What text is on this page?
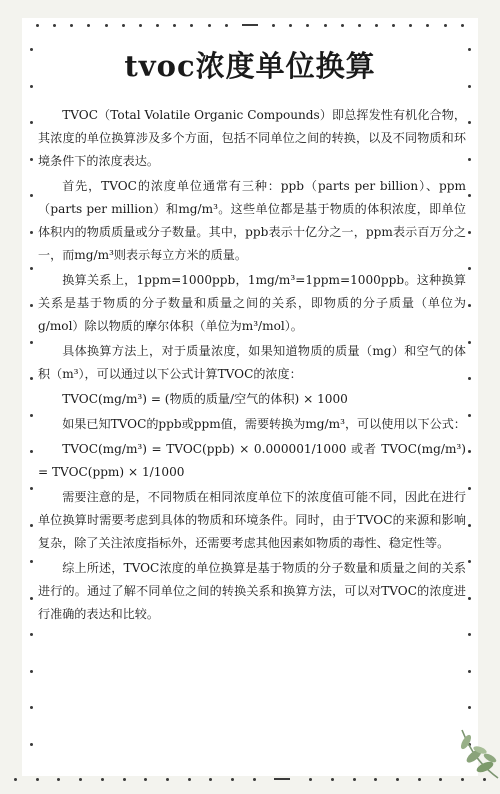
tvoc浓度单位换算

TVOC（Total Volatile Organic Compounds）即总挥发性有机化合物，其浓度的单位换算涉及多个方面，包括不同单位之间的转换，以及不同物质和环境条件下的浓度表达。

首先，TVOC的浓度单位通常有三种：ppb（parts per billion）、ppm（parts per million）和mg/m³。这些单位都是基于物质的体积浓度，即单位体积内的物质质量或分子数量。其中，ppb表示十亿分之一，ppm表示百万分之一，而mg/m³则表示每立方米的质量。

换算关系上，1ppm=1000ppb，1mg/m³=1ppm=1000ppb。这种换算关系是基于物质的分子数量和质量之间的关系，即物质的分子质量（单位为g/mol）除以物质的摩尔体积（单位为m³/mol）。

具体换算方法上，对于质量浓度，如果知道物质的质量（mg）和空气的体积（m³），可以通过以下公式计算TVOC的浓度：

TVOC(mg/m³) = (物质的质量/空气的体积) × 1000

如果已知TVOC的ppb或ppm值，需要转换为mg/m³，可以使用以下公式：

TVOC(mg/m³) = TVOC(ppb) × 0.000001/1000 或者 TVOC(mg/m³) = TVOC(ppm) × 1/1000

需要注意的是，不同物质在相同浓度单位下的浓度值可能不同，因此在进行单位换算时需要考虑到具体的物质和环境条件。同时，由于TVOC的来源和影响复杂，除了关注浓度指标外，还需要考虑其他因素如物质的毒性、稳定性等。

综上所述，TVOC浓度的单位换算是基于物质的分子数量和质量之间的关系进行的。通过了解不同单位之间的转换关系和换算方法，可以对TVOC的浓度进行准确的表达和比较。
